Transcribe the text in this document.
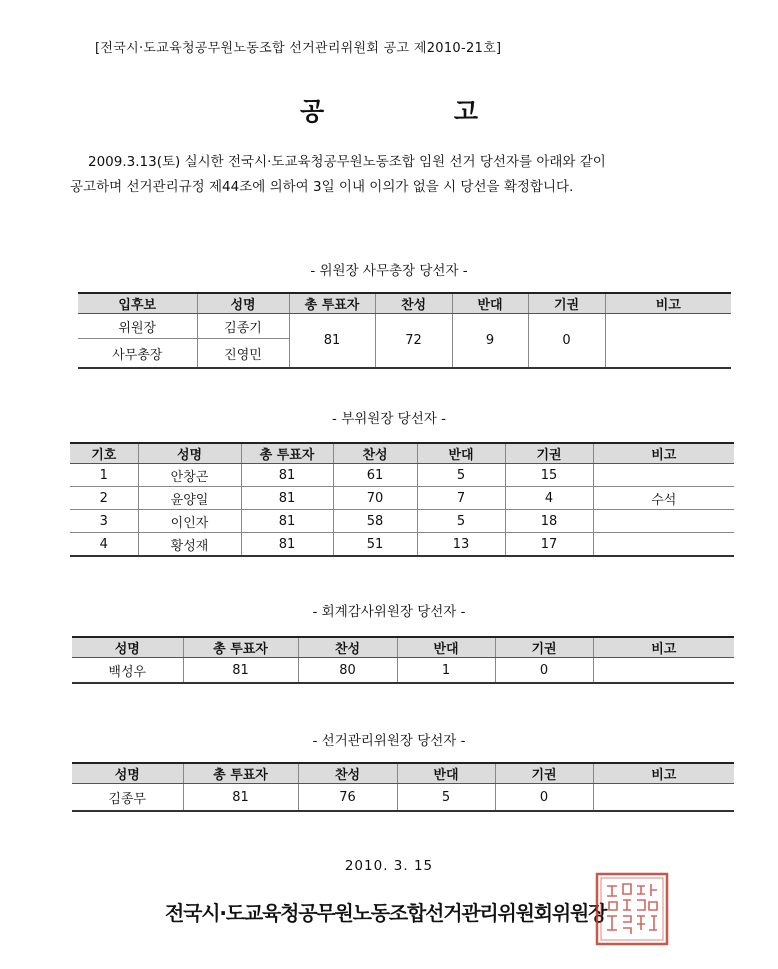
[전국시·도교육청공무원노동조합 선거관리위원회 공고 제2010-21호]
공	고

2009.3.13(토) 실시한 전국시·도교육청공무원노동조합 임원 선거 당선자를 아래와 같이

공고하며 선거관리규정 제44조에 의하여 3일 이내 이의가 없을 시 당선을 확정합니다.

- 위원장 사무총장 당선자 -
입후보	성명	총 투표자	찬성	반대	기권	비고
위원장	김종기	81	72	9	0	
사무총장	진영민					
- 부위원장 당선자 -
기호	성명	총 투표자	찬성	반대	기권	비고
1	안창곤	81	61	5	15	
2	윤양일	81	70	7	4	수석
3	이인자	81	58	5	18	
4	황성재	81	51	13	17	
- 회계감사위원장 당선자 -
성명	총 투표자	찬성	반대	기권	비고
백성우	81	80	1	0	
- 선거관리위원장 당선자 -
성명	총 투표자	찬성	반대	기권	비고
김종무	81	76	5	0	
2010. 3. 15
전국시·도교육청공무원노동조합선거관리위원회위원장
